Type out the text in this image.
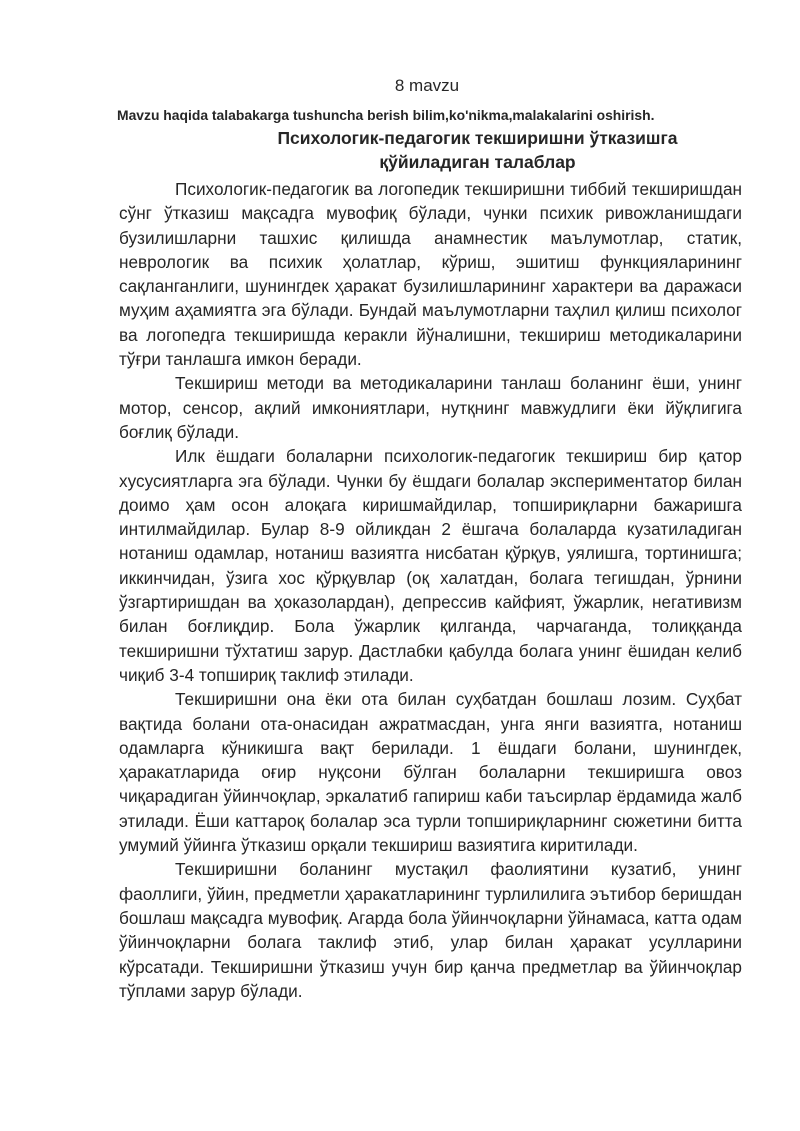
8 mavzu
Mavzu haqida talabakarga tushuncha berish bilim,ko'nikma,malakalarini oshirish.
Психологик-педагогик текширишни ўтказишга
қўйиладиган талаблар

Психологик-педагогик ва логопедик текширишни тиббий текширишдан сўнг ўтказиш мақсадга мувофиқ бўлади, чунки психик ривожланишдаги бузилишларни ташхис қилишда анамнестик маълумотлар, статик, неврологик ва психик ҳолатлар, кўриш, эшитиш функцияларининг сақланганлиги, шунингдек ҳаракат бузилишларининг характери ва даражаси муҳим аҳамиятга эга бўлади. Бундай маълумотларни таҳлил қилиш психолог ва логопедга текширишда керакли йўналишни, текшириш методикаларини тўғри танлашга имкон беради.

Текшириш методи ва методикаларини танлаш боланинг ёши, унинг мотор, сенсор, ақлий имкониятлари, нутқнинг мавжудлиги ёки йўқлигига боғлиқ бўлади.

Илк ёшдаги болаларни психологик-педагогик текшириш бир қатор хусусиятларга эга бўлади. Чунки бу ёшдаги болалар экспериментатор билан доимо ҳам осон алоқага киришмайдилар, топшириқларни бажаришга интилмайдилар. Булар 8-9 ойликдан 2 ёшгача болаларда кузатиладиган нотаниш одамлар, нотаниш вазиятга нисбатан қўрқув, уялишга, тортинишга; иккинчидан, ўзига хос қўрқувлар (оқ халатдан, болага тегишдан, ўрнини ўзгартиришдан ва ҳоказолардан), депрессив кайфият, ўжарлик, негативизм билан боғлиқдир. Бола ўжарлик қилганда, чарчаганда, толиққанда текширишни тўхтатиш зарур. Дастлабки қабулда болага унинг ёшидан келиб чиқиб 3-4 топшириқ таклиф этилади.

Текширишни она ёки ота билан суҳбатдан бошлаш лозим. Суҳбат вақтида болани ота-онасидан ажратмасдан, унга янги вазиятга, нотаниш одамларга кўникишга вақт берилади. 1 ёшдаги болани, шунингдек, ҳаракатларида оғир нуқсони бўлган болаларни текширишга овоз чиқарадиган ўйинчоқлар, эркалатиб гапириш каби таъсирлар ёрдамида жалб этилади. Ёши каттароқ болалар эса турли топшириқларнинг сюжетини битта умумий ўйинга ўтказиш орқали текшириш вазиятига киритилади.

Текширишни боланинг мустақил фаолиятини кузатиб, унинг фаоллиги, ўйин, предметли ҳаракатларининг турлилилига эътибор беришдан бошлаш мақсадга мувофиқ. Агарда бола ўйинчоқларни ўйнамаса, катта одам ўйинчоқларни болага таклиф этиб, улар билан ҳаракат усулларини кўрсатади. Текширишни ўтказиш учун бир қанча предметлар ва ўйинчоқлар тўплами зарур бўлади.
